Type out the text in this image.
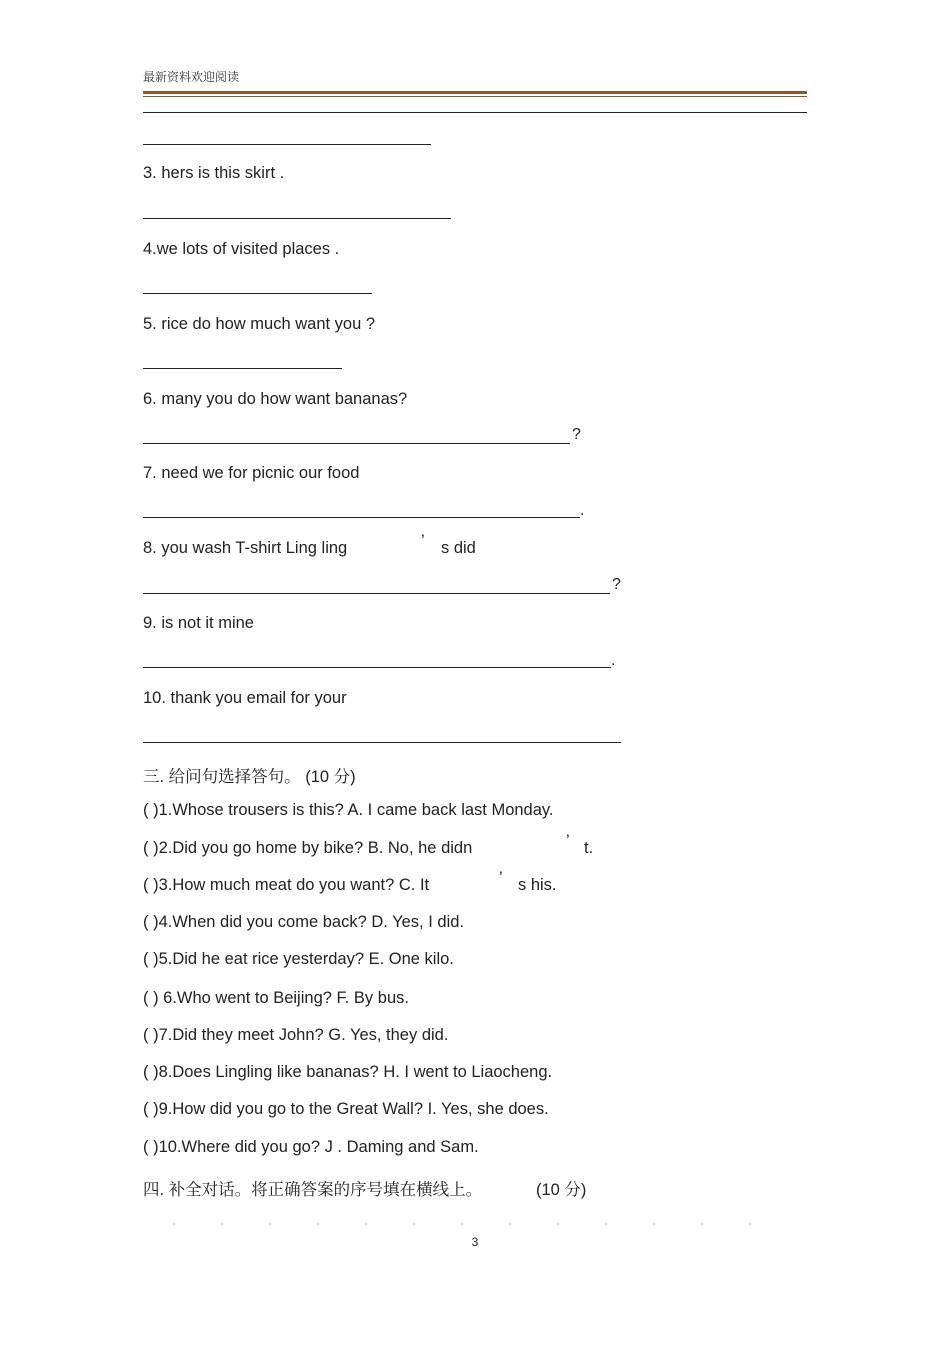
最新资料欢迎阅读
3. hers is this skirt .
4.we lots of visited places .
5. rice do how much want you ?
6. many you do how want bananas?
?
7. need we for picnic our food
.
8. you wash T-shirt Ling ling	’ s did
?
9. is not it mine
.
10. thank you email for your
三. 给问句选择答句。 (10 分)
( )1.Whose trousers is this? A. I came back last Monday.
( )2.Did you go home by bike? B. No, he didn	’ t.
( )3.How much meat do you want? C. It	’ s his.
( )4.When did you come back? D. Yes, I did.
( )5.Did he eat rice yesterday? E. One kilo.
( ) 6.Who went to Beijing? F. By bus.
( )7.Did they meet John? G. Yes, they did.
( )8.Does Lingling like bananas? H. I went to Liaocheng.
( )9.How did you go to the Great Wall? I. Yes, she does.
( )10.Where did you go? J . Daming and Sam.
四. 补全对话。将正确答案的序号填在横线上。	(10 分)
3
